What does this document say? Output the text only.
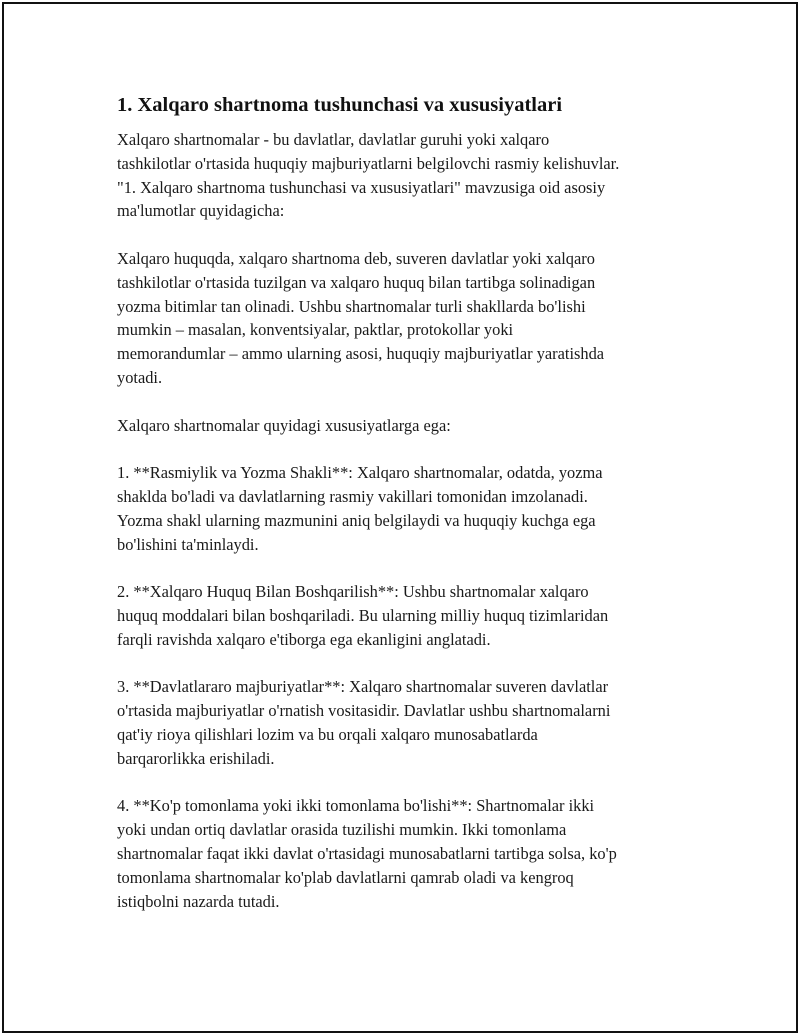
1. Xalqaro shartnoma tushunchasi va xususiyatlari

Xalqaro shartnomalar - bu davlatlar, davlatlar guruhi yoki xalqaro
tashkilotlar o'rtasida huquqiy majburiyatlarni belgilovchi rasmiy kelishuvlar.
"1. Xalqaro shartnoma tushunchasi va xususiyatlari" mavzusiga oid asosiy
ma'lumotlar quyidagicha:

Xalqaro huquqda, xalqaro shartnoma deb, suveren davlatlar yoki xalqaro
tashkilotlar o'rtasida tuzilgan va xalqaro huquq bilan tartibga solinadigan
yozma bitimlar tan olinadi. Ushbu shartnomalar turli shakllarda bo'lishi
mumkin – masalan, konventsiyalar, paktlar, protokollar yoki
memorandumlar – ammo ularning asosi, huquqiy majburiyatlar yaratishda
yotadi.

Xalqaro shartnomalar quyidagi xususiyatlarga ega:

1. **Rasmiylik va Yozma Shakli**: Xalqaro shartnomalar, odatda, yozma
shaklda bo'ladi va davlatlarning rasmiy vakillari tomonidan imzolanadi.
Yozma shakl ularning mazmunini aniq belgilaydi va huquqiy kuchga ega
bo'lishini ta'minlaydi.

2. **Xalqaro Huquq Bilan Boshqarilish**: Ushbu shartnomalar xalqaro
huquq moddalari bilan boshqariladi. Bu ularning milliy huquq tizimlaridan
farqli ravishda xalqaro e'tiborga ega ekanligini anglatadi.

3. **Davlatlararo majburiyatlar**: Xalqaro shartnomalar suveren davlatlar
o'rtasida majburiyatlar o'rnatish vositasidir. Davlatlar ushbu shartnomalarni
qat'iy rioya qilishlari lozim va bu orqali xalqaro munosabatlarda
barqarorlikka erishiladi.

4. **Ko'p tomonlama yoki ikki tomonlama bo'lishi**: Shartnomalar ikki
yoki undan ortiq davlatlar orasida tuzilishi mumkin. Ikki tomonlama
shartnomalar faqat ikki davlat o'rtasidagi munosabatlarni tartibga solsa, ko'p
tomonlama shartnomalar ko'plab davlatlarni qamrab oladi va kengroq
istiqbolni nazarda tutadi.
